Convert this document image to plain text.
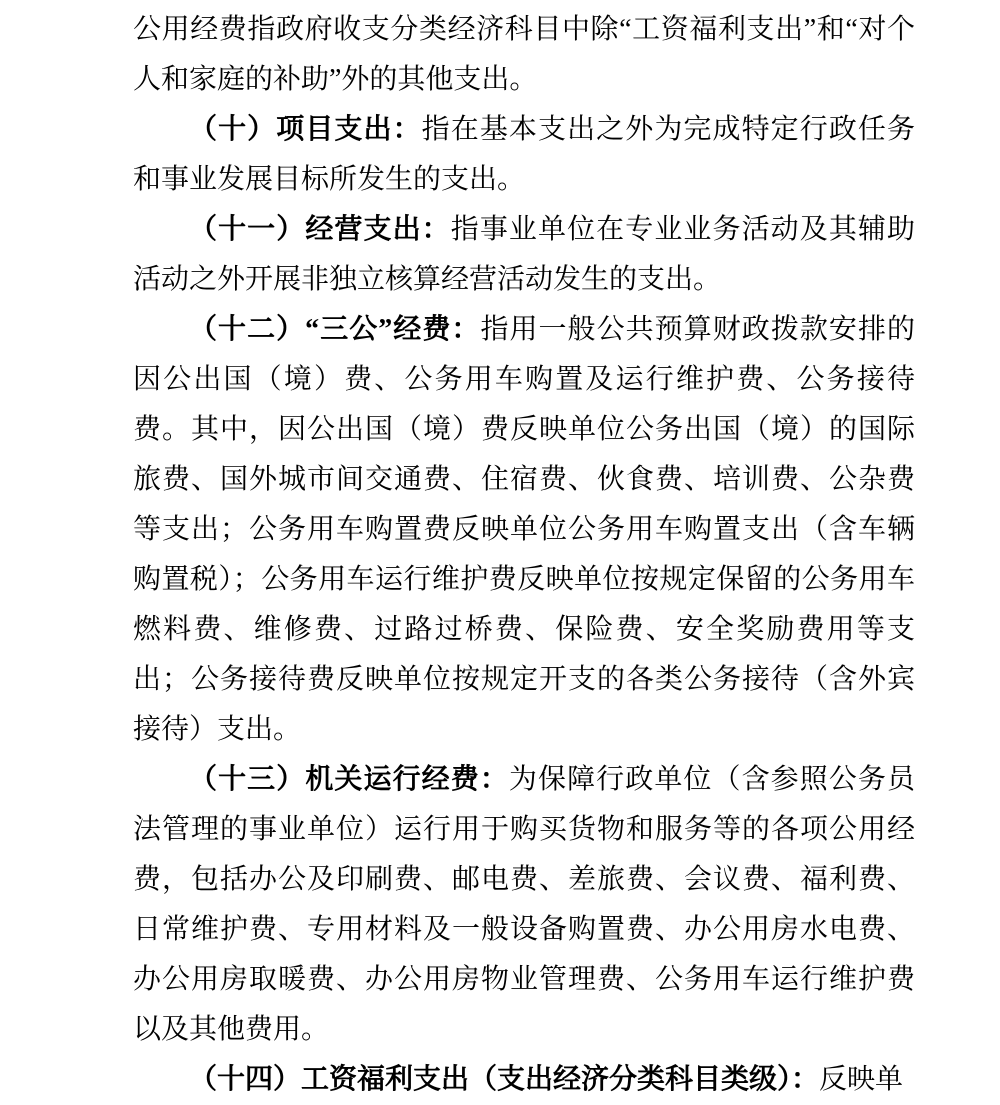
公用经费指政府收支分类经济科目中除“工资福利支出”和“对个人和家庭的补助”外的其他支出。

（十）项目支出：指在基本支出之外为完成特定行政任务和事业发展目标所发生的支出。

（十一）经营支出：指事业单位在专业业务活动及其辅助活动之外开展非独立核算经营活动发生的支出。

（十二）“三公”经费：指用一般公共预算财政拨款安排的因公出国（境）费、公务用车购置及运行维护费、公务接待费。其中，因公出国（境）费反映单位公务出国（境）的国际旅费、国外城市间交通费、住宿费、伙食费、培训费、公杂费等支出；公务用车购置费反映单位公务用车购置支出（含车辆购置税）；公务用车运行维护费反映单位按规定保留的公务用车燃料费、维修费、过路过桥费、保险费、安全奖励费用等支出；公务接待费反映单位按规定开支的各类公务接待（含外宾接待）支出。

（十三）机关运行经费：为保障行政单位（含参照公务员法管理的事业单位）运行用于购买货物和服务等的各项公用经费，包括办公及印刷费、邮电费、差旅费、会议费、福利费、日常维护费、专用材料及一般设备购置费、办公用房水电费、办公用房取暖费、办公用房物业管理费、公务用车运行维护费以及其他费用。

（十四）工资福利支出（支出经济分类科目类级）：反映单
